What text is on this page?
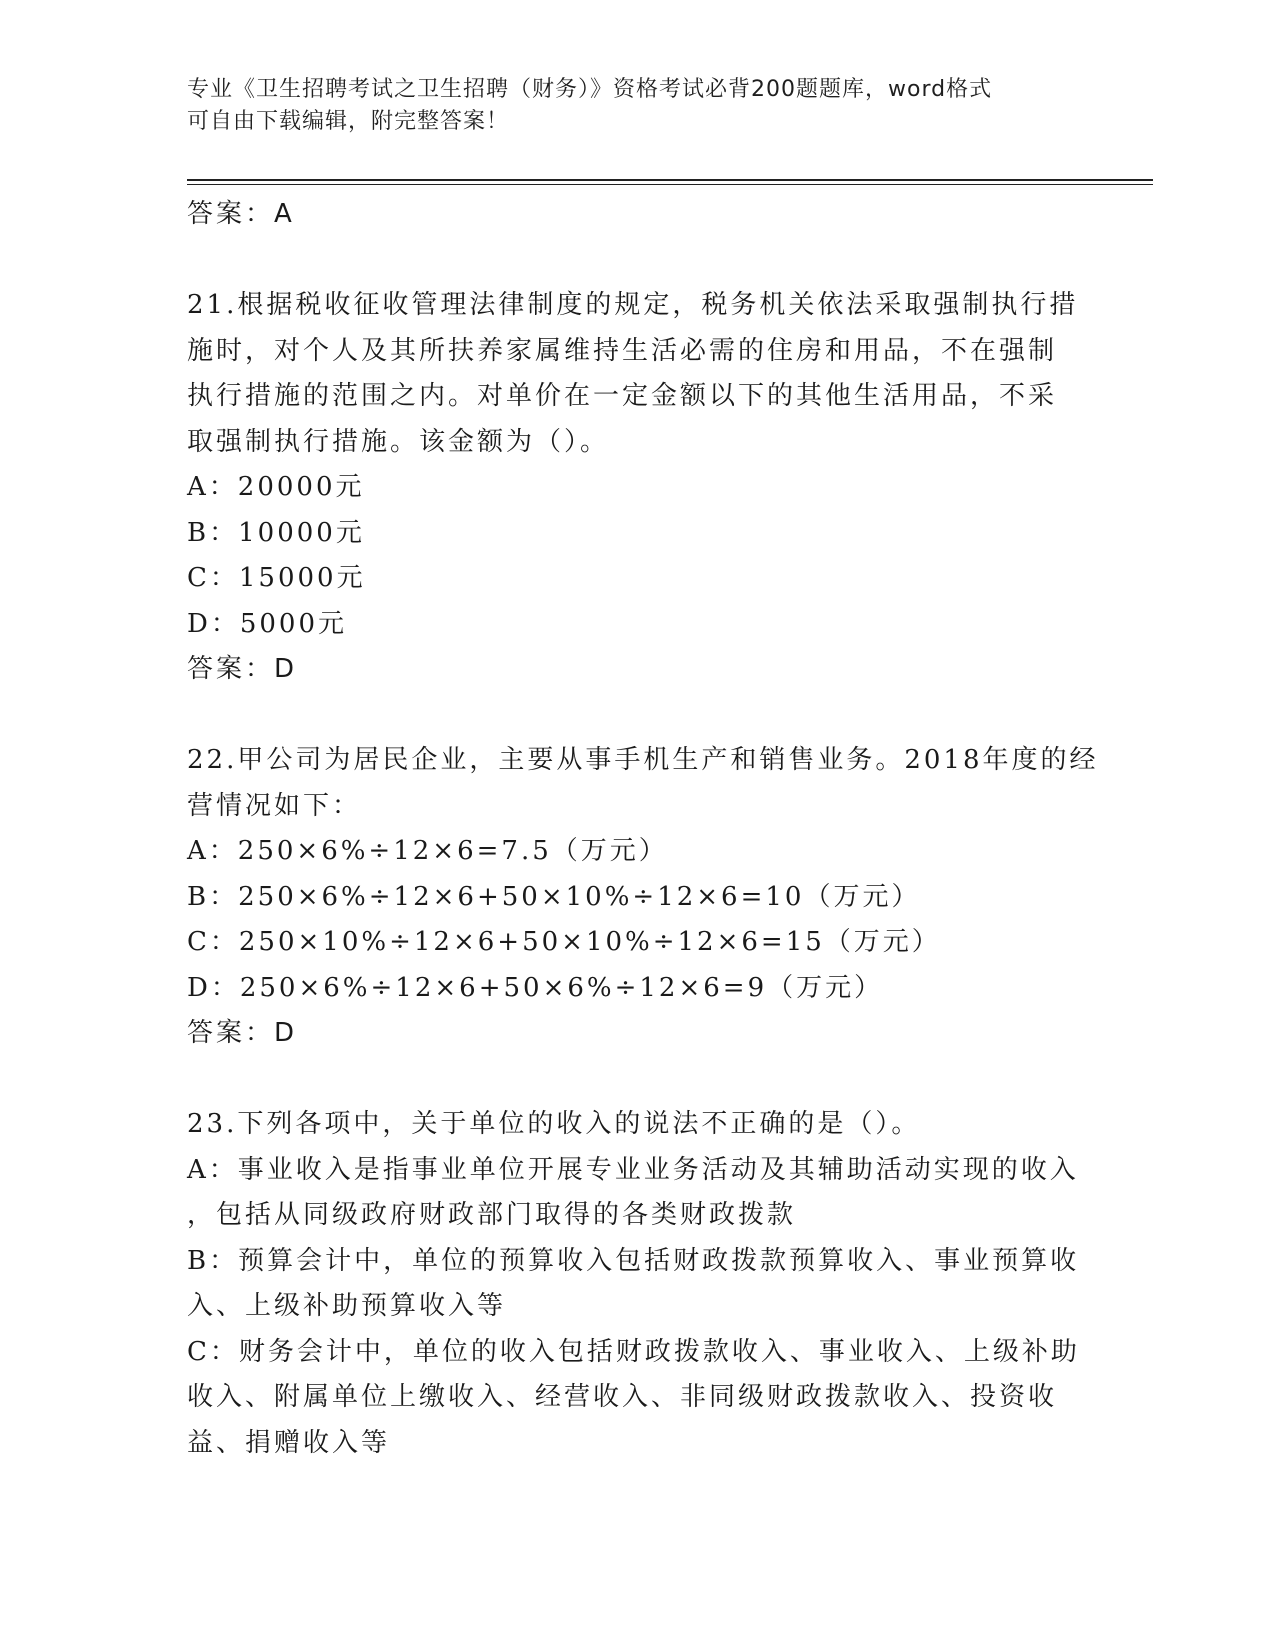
专业《卫生招聘考试之卫生招聘（财务）》资格考试必背200题题库，word格式
可自由下载编辑，附完整答案！
答案：A
21.根据税收征收管理法律制度的规定，税务机关依法采取强制执行措
施时，对个人及其所扶养家属维持生活必需的住房和用品，不在强制
执行措施的范围之内。对单价在一定金额以下的其他生活用品，不采
取强制执行措施。该金额为（）。
A：20000元
B：10000元
C：15000元
D：5000元
答案：D
22.甲公司为居民企业，主要从事手机生产和销售业务。2018年度的经
营情况如下：
A：250×6%÷12×6=7.5（万元）
B：250×6%÷12×6+50×10%÷12×6=10（万元）
C：250×10%÷12×6+50×10%÷12×6=15（万元）
D：250×6%÷12×6+50×6%÷12×6=9（万元）
答案：D
23.下列各项中，关于单位的收入的说法不正确的是（）。
A：事业收入是指事业单位开展专业业务活动及其辅助活动实现的收入
，包括从同级政府财政部门取得的各类财政拨款
B：预算会计中，单位的预算收入包括财政拨款预算收入、事业预算收
入、上级补助预算收入等
C：财务会计中，单位的收入包括财政拨款收入、事业收入、上级补助
收入、附属单位上缴收入、经营收入、非同级财政拨款收入、投资收
益、捐赠收入等
